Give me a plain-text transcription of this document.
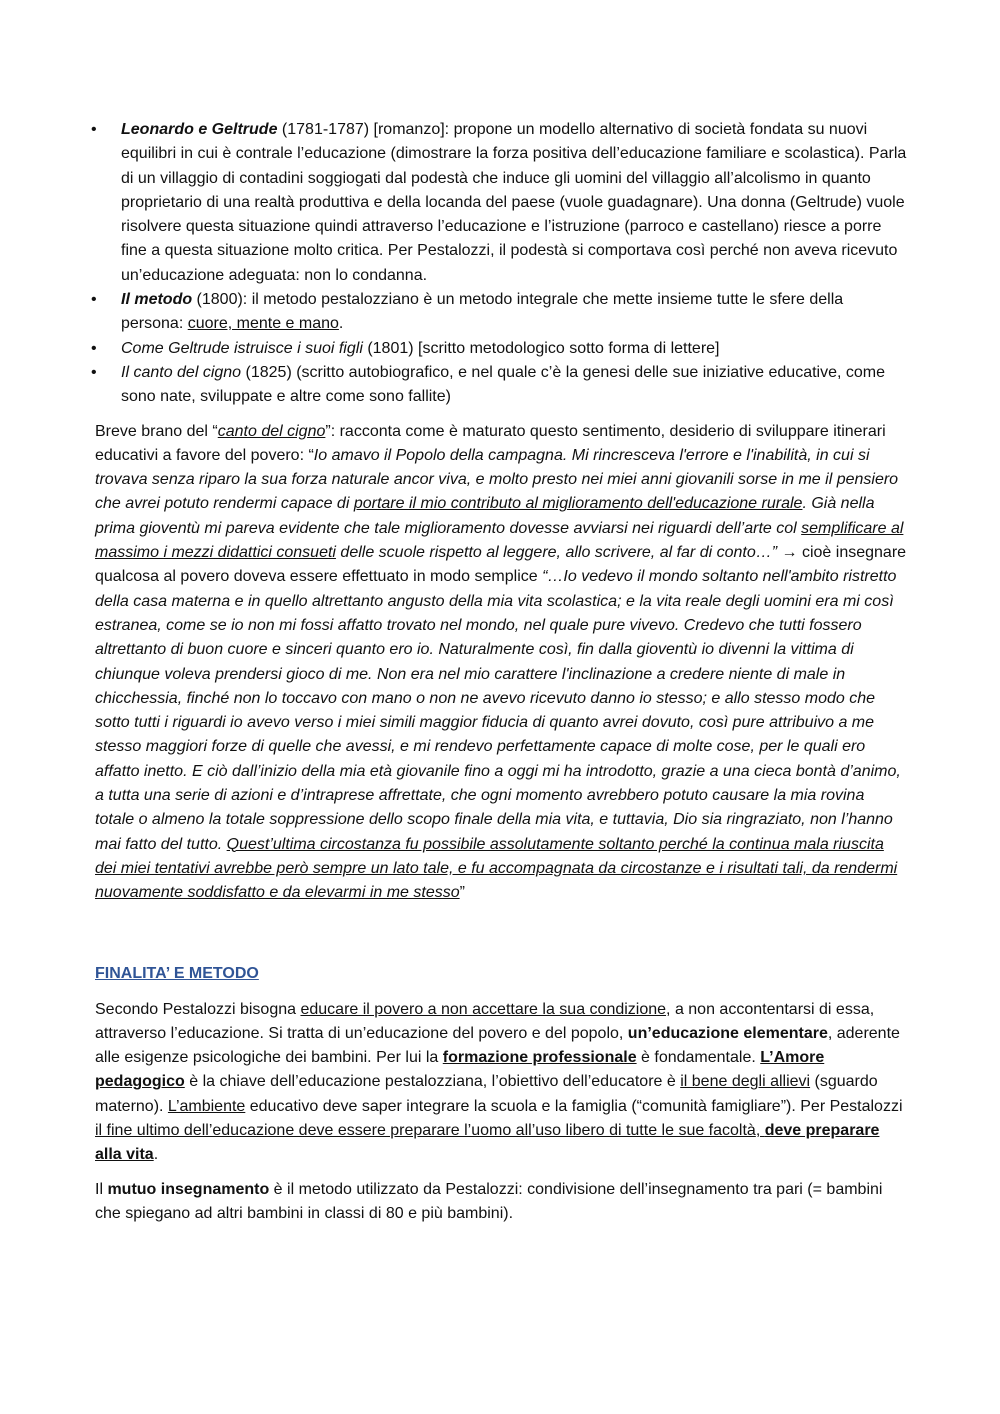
• Leonardo e Geltrude (1781-1787) [romanzo]: propone un modello alternativo di società fondata su nuovi equilibri in cui è contrale l’educazione (dimostrare la forza positiva dell’educazione familiare e scolastica). Parla di un villaggio di contadini soggiogati dal podestà che induce gli uomini del villaggio all’alcolismo in quanto proprietario di una realtà produttiva e della locanda del paese (vuole guadagnare). Una donna (Geltrude) vuole risolvere questa situazione quindi attraverso l’educazione e l’istruzione (parroco e castellano) riesce a porre fine a questa situazione molto critica. Per Pestalozzi, il podestà si comportava così perché non aveva ricevuto un’educazione adeguata: non lo condanna.
• Il metodo (1800): il metodo pestalozziano è un metodo integrale che mette insieme tutte le sfere della persona: cuore, mente e mano.
• Come Geltrude istruisce i suoi figli (1801) [scritto metodologico sotto forma di lettere]
• Il canto del cigno (1825) (scritto autobiografico, e nel quale c’è la genesi delle sue iniziative educative, come sono nate, sviluppate e altre come sono fallite)

Breve brano del “canto del cigno”: racconta come è maturato questo sentimento, desiderio di sviluppare itinerari educativi a favore del povero: “Io amavo il Popolo della campagna. Mi rincresceva l'errore e l'inabilità, in cui si trovava senza riparo la sua forza naturale ancor viva, e molto presto nei miei anni giovanili sorse in me il pensiero che avrei potuto rendermi capace di portare il mio contributo al miglioramento dell'educazione rurale. Già nella prima gioventù mi pareva evidente che tale miglioramento dovesse avviarsi nei riguardi dell’arte col semplificare al massimo i mezzi didattici consueti delle scuole rispetto al leggere, allo scrivere, al far di conto…” → cioè insegnare qualcosa al povero doveva essere effettuato in modo semplice “…Io vedevo il mondo soltanto nell'ambito ristretto della casa materna e in quello altrettanto angusto della mia vita scolastica; e la vita reale degli uomini era mi così estranea, come se io non mi fossi affatto trovato nel mondo, nel quale pure vivevo. Credevo che tutti fossero altrettanto di buon cuore e sinceri quanto ero io. Naturalmente così, fin dalla gioventù io divenni la vittima di chiunque voleva prendersi gioco di me. Non era nel mio carattere l'inclinazione a credere niente di male in chicchessia, finché non lo toccavo con mano o non ne avevo ricevuto danno io stesso; e allo stesso modo che sotto tutti i riguardi io avevo verso i miei simili maggior fiducia di quanto avrei dovuto, così pure attribuivo a me stesso maggiori forze di quelle che avessi, e mi rendevo perfettamente capace di molte cose, per le quali ero affatto inetto. E ciò dall’inizio della mia età giovanile fino a oggi mi ha introdotto, grazie a una cieca bontà d’animo, a tutta una serie di azioni e d’intraprese affrettate, che ogni momento avrebbero potuto causare la mia rovina totale o almeno la totale soppressione dello scopo finale della mia vita, e tuttavia, Dio sia ringraziato, non l’hanno mai fatto del tutto. Quest’ultima circostanza fu possibile assolutamente soltanto perché la continua mala riuscita dei miei tentativi avrebbe però sempre un lato tale, e fu accompagnata da circostanze e i risultati tali, da rendermi nuovamente soddisfatto e da elevarmi in me stesso”

FINALITA’ E METODO

Secondo Pestalozzi bisogna educare il povero a non accettare la sua condizione, a non accontentarsi di essa, attraverso l’educazione. Si tratta di un’educazione del povero e del popolo, un’educazione elementare, aderente alle esigenze psicologiche dei bambini. Per lui la formazione professionale è fondamentale. L’Amore pedagogico è la chiave dell’educazione pestalozziana, l’obiettivo dell’educatore è il bene degli allievi (sguardo materno). L’ambiente educativo deve saper integrare la scuola e la famiglia (“comunità famigliare”). Per Pestalozzi il fine ultimo dell’educazione deve essere preparare l’uomo all’uso libero di tutte le sue facoltà, deve preparare alla vita.

Il mutuo insegnamento è il metodo utilizzato da Pestalozzi: condivisione dell’insegnamento tra pari (= bambini che spiegano ad altri bambini in classi di 80 e più bambini).
